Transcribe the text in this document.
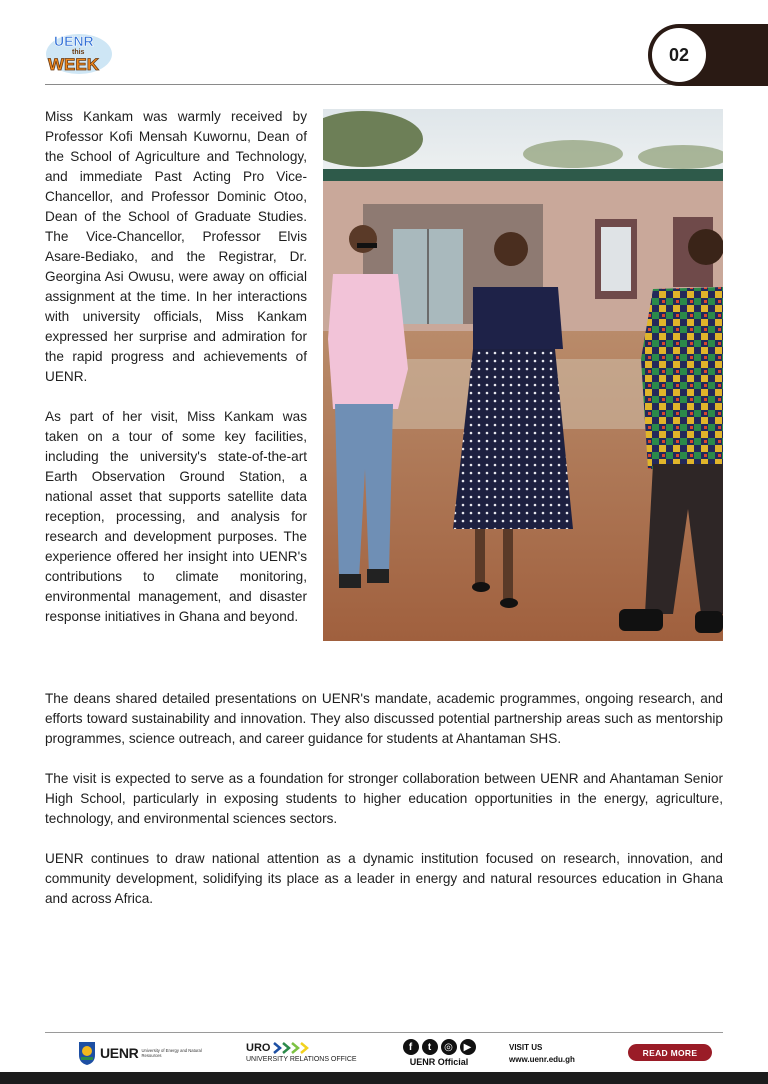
UENR
this
WEEK	02

Miss Kankam was warmly received by Professor Kofi Mensah Kuwornu, Dean of the School of Agriculture and Technology, and immediate Past Acting Pro Vice-Chancellor, and Professor Dominic Otoo, Dean of the School of Graduate Studies. The Vice-Chancellor, Professor Elvis Asare-Bediako, and the Registrar, Dr. Georgina Asi Owusu, were away on official assignment at the time. In her interactions with university officials, Miss Kankam expressed her surprise and admiration for the rapid progress and achievements of UENR.

As part of her visit, Miss Kankam was taken on a tour of some key facilities, including the university's state-of-the-art Earth Observation Ground Station, a national asset that supports satellite data reception, processing, and analysis for research and development purposes. The experience offered her insight into UENR's contributions to climate monitoring, environmental management, and disaster response initiatives in Ghana and beyond.

The deans shared detailed presentations on UENR's mandate, academic programmes, ongoing research, and efforts toward sustainability and innovation. They also discussed potential partnership areas such as mentorship programmes, science outreach, and career guidance for students at Ahantaman SHS.

The visit is expected to serve as a foundation for stronger collaboration between UENR and Ahantaman Senior High School, particularly in exposing students to higher education opportunities in the energy, agriculture, technology, and environmental sciences sectors.

UENR continues to draw national attention as a dynamic institution focused on research, innovation, and community development, solidifying its place as a leader in energy and natural resources education in Ghana and across Africa.

UENR University of Energy and Natural Resources
URO
UNIVERSITY RELATIONS OFFICE
f	t	◎	▶
UENR Official
VISIT US
www.uenr.edu.gh
READ MORE
